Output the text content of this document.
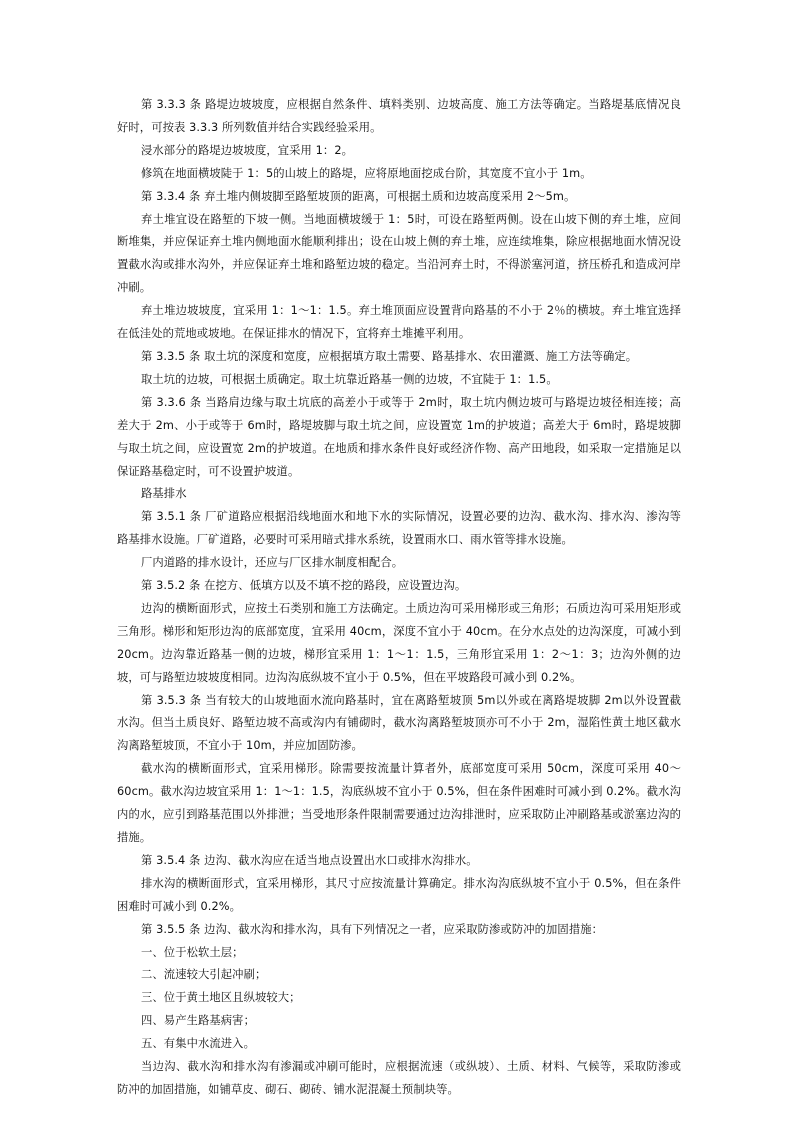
第 3.3.3 条 路堤边坡坡度，应根据自然条件、填料类别、边坡高度、施工方法等确定。当路堤基底情况良好时，可按表 3.3.3 所列数值并结合实践经验采用。

浸水部分的路堤边坡坡度，宜采用 1：2。

修筑在地面横坡陡于 1：5的山坡上的路堤，应将原地面挖成台阶，其宽度不宜小于 1m。

第 3.3.4 条 弃土堆内侧坡脚至路堑坡顶的距离，可根据土质和边坡高度采用 2～5m。

弃土堆宜设在路堑的下坡一侧。当地面横坡缓于 1：5时，可设在路堑两侧。设在山坡下侧的弃土堆，应间断堆集，并应保证弃土堆内侧地面水能顺利排出；设在山坡上侧的弃土堆，应连续堆集，除应根据地面水情况设置截水沟或排水沟外，并应保证弃土堆和路堑边坡的稳定。当沿河弃土时，不得淤塞河道，挤压桥孔和造成河岸冲刷。

弃土堆边坡坡度，宜采用 1：1～1：1.5。弃土堆顶面应设置背向路基的不小于 2％的横坡。弃土堆宜选择在低洼处的荒地或坡地。在保证排水的情况下，宜将弃土堆摊平利用。

第 3.3.5 条 取土坑的深度和宽度，应根据填方取土需要、路基排水、农田灌溉、施工方法等确定。

取土坑的边坡，可根据土质确定。取土坑靠近路基一侧的边坡，不宜陡于 1：1.5。

第 3.3.6 条 当路肩边缘与取土坑底的高差小于或等于 2m时，取土坑内侧边坡可与路堤边坡径相连接；高差大于 2m、小于或等于 6m时，路堤坡脚与取土坑之间，应设置宽 1m的护坡道；高差大于 6m时，路堤坡脚与取土坑之间，应设置宽 2m的护坡道。在地质和排水条件良好或经济作物、高产田地段，如采取一定措施足以保证路基稳定时，可不设置护坡道。

路基排水

第 3.5.1 条 厂矿道路应根据沿线地面水和地下水的实际情况，设置必要的边沟、截水沟、排水沟、渗沟等路基排水设施。厂矿道路，必要时可采用暗式排水系统，设置雨水口、雨水管等排水设施。

厂内道路的排水设计，还应与厂区排水制度相配合。

第 3.5.2 条 在挖方、低填方以及不填不挖的路段，应设置边沟。

边沟的横断面形式，应按土石类别和施工方法确定。土质边沟可采用梯形或三角形；石质边沟可采用矩形或三角形。梯形和矩形边沟的底部宽度，宜采用 40cm，深度不宜小于 40cm。在分水点处的边沟深度，可减小到 20cm。边沟靠近路基一侧的边坡，梯形宜采用 1：1～1：1.5，三角形宜采用 1：2～1：3；边沟外侧的边坡，可与路堑边坡坡度相同。边沟沟底纵坡不宜小于 0.5%，但在平坡路段可减小到 0.2%。

第 3.5.3 条 当有较大的山坡地面水流向路基时，宜在离路堑坡顶 5m以外或在离路堤坡脚 2m以外设置截水沟。但当土质良好、路堑边坡不高或沟内有铺砌时，截水沟离路堑坡顶亦可不小于 2m，湿陷性黄土地区截水沟离路堑坡顶，不宜小于 10m，并应加固防渗。

截水沟的横断面形式，宜采用梯形。除需要按流量计算者外，底部宽度可采用 50cm，深度可采用 40～60cm。截水沟边坡宜采用 1：1～1：1.5，沟底纵坡不宜小于 0.5%，但在条件困难时可减小到 0.2%。截水沟内的水，应引到路基范围以外排泄；当受地形条件限制需要通过边沟排泄时，应采取防止冲刷路基或淤塞边沟的措施。

第 3.5.4 条 边沟、截水沟应在适当地点设置出水口或排水沟排水。

排水沟的横断面形式，宜采用梯形，其尺寸应按流量计算确定。排水沟沟底纵坡不宜小于 0.5%，但在条件困难时可减小到 0.2%。

第 3.5.5 条 边沟、截水沟和排水沟，具有下列情况之一者，应采取防渗或防冲的加固措施：

一、位于松软土层；

二、流速较大引起冲刷；

三、位于黄土地区且纵坡较大；

四、易产生路基病害；

五、有集中水流进入。

当边沟、截水沟和排水沟有渗漏或冲刷可能时，应根据流速（或纵坡）、土质、材料、气候等，采取防渗或防冲的加固措施，如铺草皮、砌石、砌砖、铺水泥混凝土预制块等。
